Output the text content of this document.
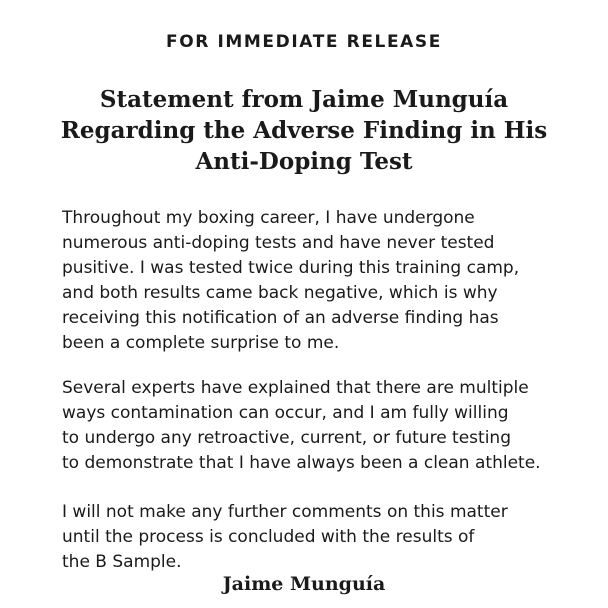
FOR IMMEDIATE RELEASE
Statement from Jaime Munguía
Regarding the Adverse Finding in His
Anti-Doping Test
Throughout my boxing career, I have undergone
numerous anti-doping tests and have never tested
pusitive. I was tested twice during this training camp,
and both results came back negative, which is why
receiving this notification of an adverse finding has
been a complete surprise to me.
Several experts have explained that there are multiple
ways contamination can occur, and I am fully willing
to undergo any retroactive, current, or future testing
to demonstrate that I have always been a clean athlete.
I will not make any further comments on this matter
until the process is concluded with the results of
the B Sample.
Jaime Munguía
